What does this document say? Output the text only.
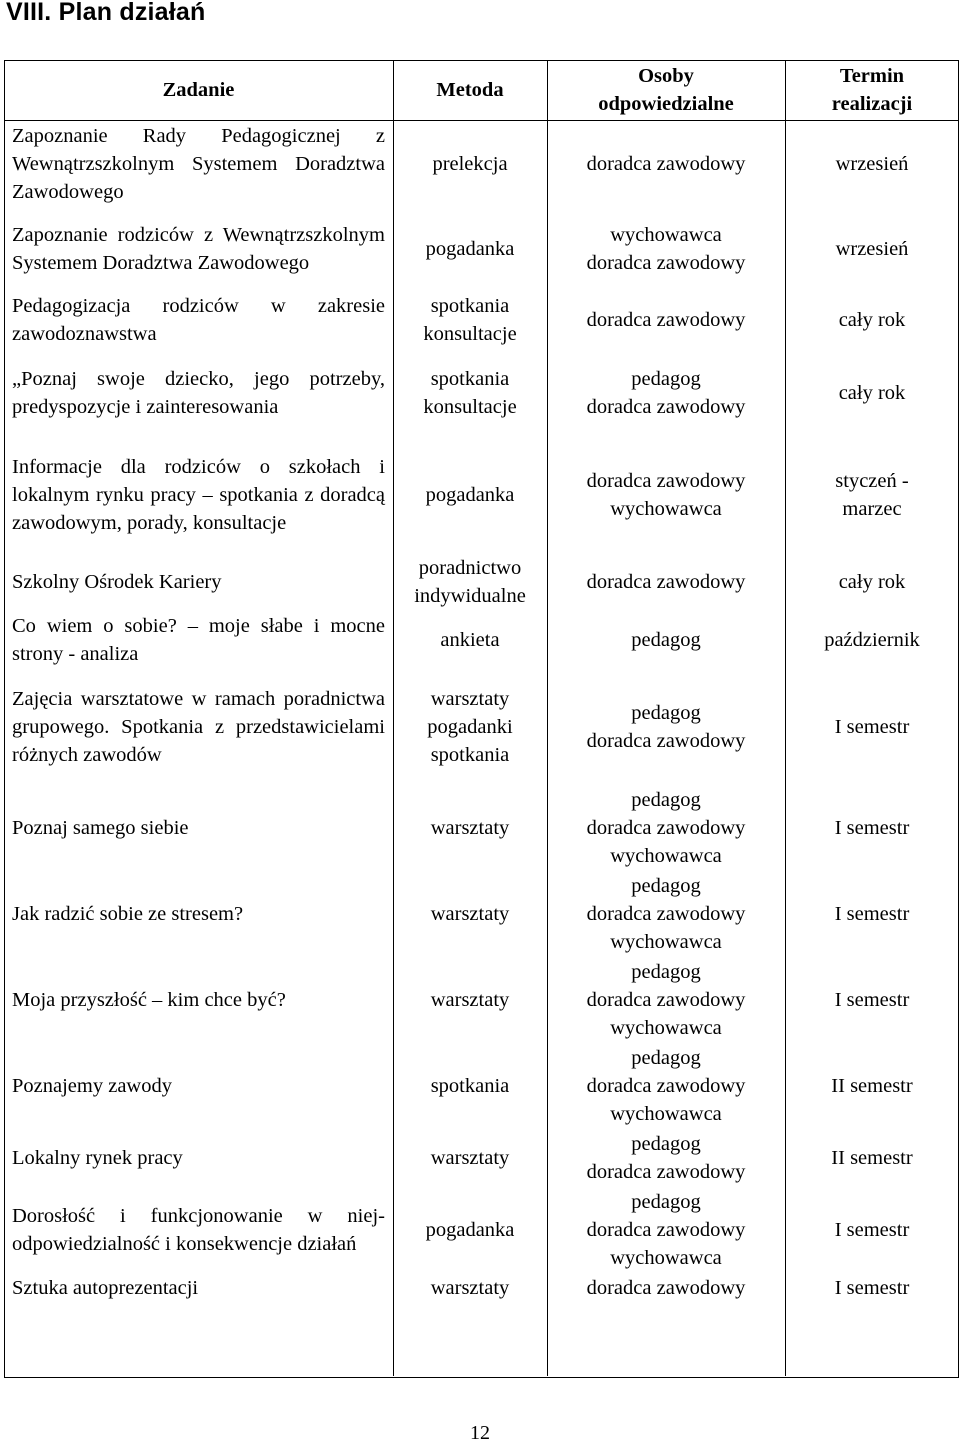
VIII. Plan działań
Zadanie	Metoda	Osoby
odpowiedzialne	Termin
realizacji

Zapoznanie Rady Pedagogicznej z Wewnątrzszkolnym Systemem Doradztwa Zawodowego	prelekcja	doradca zawodowy	wrzesień

Zapoznanie rodziców z Wewnątrzszkolnym Systemem Doradztwa Zawodowego	pogadanka	wychowawca
doradca zawodowy	wrzesień

Pedagogizacja rodziców w zakresie zawodoznawstwa	spotkania
konsultacje	doradca zawodowy	cały rok

„Poznaj swoje dziecko, jego potrzeby, predyspozycje i zainteresowania	spotkania
konsultacje	pedagog
doradca zawodowy	cały rok

Informacje dla rodziców o szkołach i lokalnym rynku pracy – spotkania z doradcą zawodowym, porady, konsultacje	pogadanka	doradca zawodowy
wychowawca	styczeń -
marzec

Szkolny Ośrodek Kariery	poradnictwo
indywidualne	doradca zawodowy	cały rok

Co wiem o sobie? – moje słabe i mocne strony - analiza	ankieta	pedagog	październik

Zajęcia warsztatowe w ramach poradnictwa grupowego. Spotkania z przedstawicielami różnych zawodów	warsztaty
pogadanki
spotkania	pedagog
doradca zawodowy	I semestr

Poznaj samego siebie	warsztaty	pedagog
doradca zawodowy
wychowawca	I semestr

Jak radzić sobie ze stresem?	warsztaty	pedagog
doradca zawodowy
wychowawca	I semestr

Moja przyszłość – kim chce być?	warsztaty	pedagog
doradca zawodowy
wychowawca	I semestr

Poznajemy zawody	spotkania	pedagog
doradca zawodowy
wychowawca	II semestr

Lokalny rynek pracy	warsztaty	pedagog
doradca zawodowy	II semestr

Dorosłość i funkcjonowanie w niej- odpowiedzialność i konsekwencje działań	pogadanka	pedagog
doradca zawodowy
wychowawca	I semestr

Sztuka autoprezentacji	warsztaty	doradca zawodowy	I semestr
12
